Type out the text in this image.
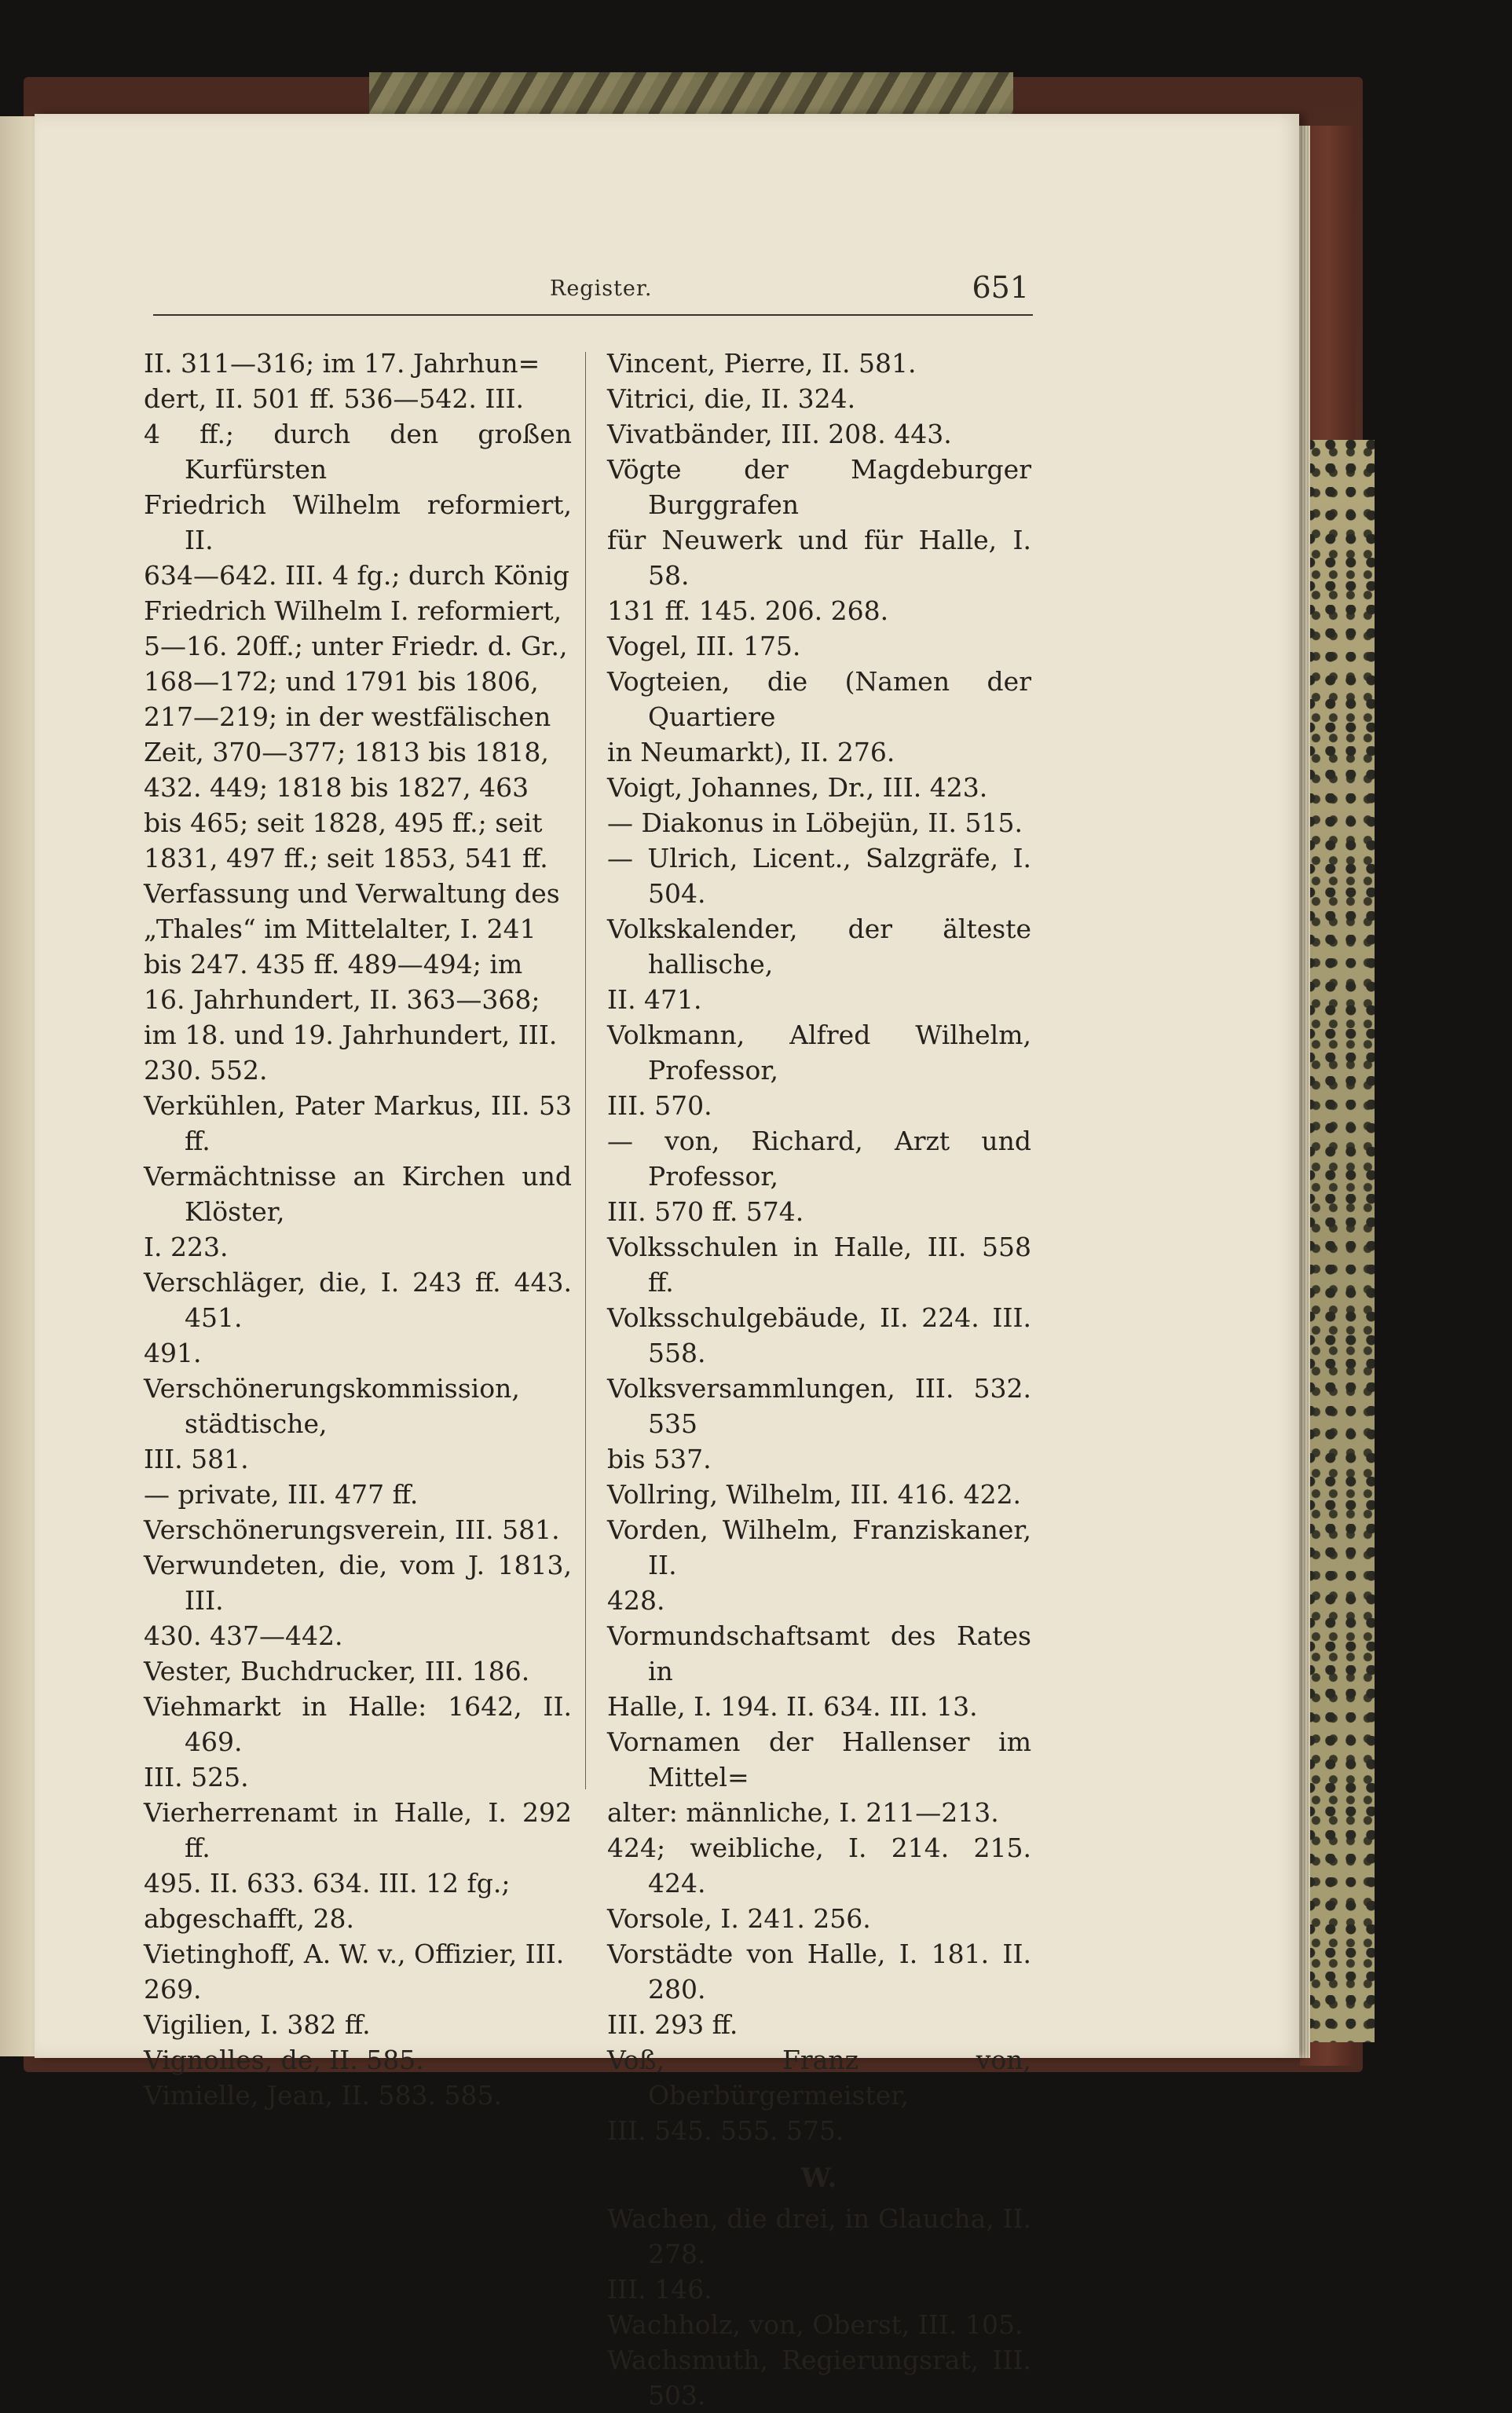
Register.	651

II. 311—316; im 17. Jahrhun=
dert, II. 501 ff. 536—542. III.
4 ff.; durch den großen Kurfürsten
Friedrich Wilhelm reformiert, II.
634—642. III. 4 fg.; durch König
Friedrich Wilhelm I. reformiert,
5—16. 20ff.; unter Friedr. d. Gr.,
168—172; und 1791 bis 1806,
217—219; in der westfälischen
Zeit, 370—377; 1813 bis 1818,
432. 449; 1818 bis 1827, 463
bis 465; seit 1828, 495 ff.; seit
1831, 497 ff.; seit 1853, 541 ff.

Verfassung und Verwaltung des
„Thales“ im Mittelalter, I. 241
bis 247. 435 ff. 489—494; im
16. Jahrhundert, II. 363—368;
im 18. und 19. Jahrhundert, III.
230. 552.

Verkühlen, Pater Markus, III. 53 ff.

Vermächtnisse an Kirchen und Klöster,
I. 223.

Verschläger, die, I. 243 ff. 443. 451.
491.

Verschönerungskommission, städtische,
III. 581.

— private, III. 477 ff.

Verschönerungsverein, III. 581.

Verwundeten, die, vom J. 1813, III.
430. 437—442.

Vester, Buchdrucker, III. 186.

Viehmarkt in Halle: 1642, II. 469.
III. 525.

Vierherrenamt in Halle, I. 292 ff.
495. II. 633. 634. III. 12 fg.;
abgeschafft, 28.

Vietinghoff, A. W. v., Offizier, III.
269.

Vigilien, I. 382 ff.

Vignolles, de, II. 585.

Vimielle, Jean, II. 583. 585.

Vincent, Pierre, II. 581.

Vitrici, die, II. 324.

Vivatbänder, III. 208. 443.

Vögte der Magdeburger Burggrafen
für Neuwerk und für Halle, I. 58.
131 ff. 145. 206. 268.

Vogel, III. 175.

Vogteien, die (Namen der Quartiere
in Neumarkt), II. 276.

Voigt, Johannes, Dr., III. 423.

— Diakonus in Löbejün, II. 515.

— Ulrich, Licent., Salzgräfe, I. 504.

Volkskalender, der älteste hallische,
II. 471.

Volkmann, Alfred Wilhelm, Professor,
III. 570.

— von, Richard, Arzt und Professor,
III. 570 ff. 574.

Volksschulen in Halle, III. 558 ff.

Volksschulgebäude, II. 224. III. 558.

Volksversammlungen, III. 532. 535
bis 537.

Vollring, Wilhelm, III. 416. 422.

Vorden, Wilhelm, Franziskaner, II.
428.

Vormundschaftsamt des Rates in
Halle, I. 194. II. 634. III. 13.

Vornamen der Hallenser im Mittel=
alter: männliche, I. 211—213.
424; weibliche, I. 214. 215. 424.

Vorsole, I. 241. 256.

Vorstädte von Halle, I. 181. II. 280.
III. 293 ff.

Voß, Franz von, Oberbürgermeister,
III. 545. 555. 575.

W.

Wachen, die drei, in Glaucha, II. 278.
III. 146.

Wachholz, von, Oberst, III. 105.

Wachsmuth, Regierungsrat, III. 503.
